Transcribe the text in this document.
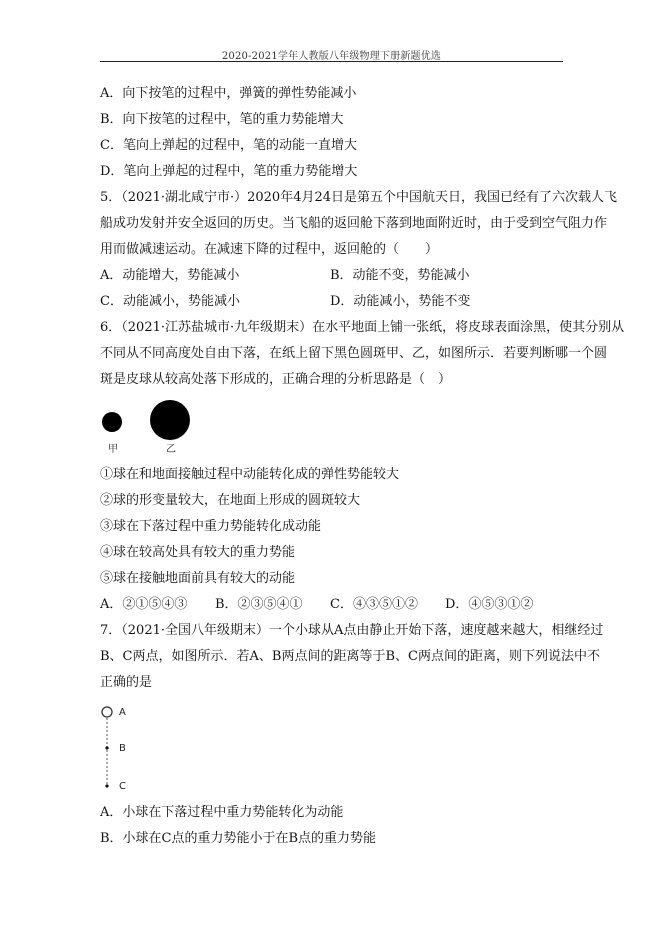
2020-2021学年人教版八年级物理下册新题优选
A．向下按笔的过程中，弹簧的弹性势能减小
B．向下按笔的过程中，笔的重力势能增大
C．笔向上弹起的过程中，笔的动能一直增大
D．笔向上弹起的过程中，笔的重力势能增大
5．（2021·湖北咸宁市·）2020年4月24日是第五个中国航天日，我国已经有了六次载人飞
船成功发射并安全返回的历史。当飞船的返回舱下落到地面附近时，由于受到空气阻力作
用而做减速运动。在减速下降的过程中，返回舱的（　　）
A．动能增大，势能减小	B．动能不变，势能减小
C．动能减小，势能减小	D．动能减小，势能不变
6．（2021·江苏盐城市·九年级期末）在水平地面上铺一张纸，将皮球表面涂黑，使其分别从
不同从不同高度处自由下落，在纸上留下黑色圆斑甲、乙，如图所示．若要判断哪一个圆
斑是皮球从较高处落下形成的，正确合理的分析思路是（　）
甲	乙
①球在和地面接触过程中动能转化成的弹性势能较大
②球的形变量较大，在地面上形成的圆斑较大
③球在下落过程中重力势能转化成动能
④球在较高处具有较大的重力势能
⑤球在接触地面前具有较大的动能
A．②①⑤④③ B．②③⑤④① C．④③⑤①② D．④⑤③①②
7．（2021·全国八年级期末）一个小球从A点由静止开始下落，速度越来越大，相继经过
B、C两点，如图所示．若A、B两点间的距离等于B、C两点间的距离，则下列说法中不
正确的是
A
B
C
A．小球在下落过程中重力势能转化为动能
B．小球在C点的重力势能小于在B点的重力势能
